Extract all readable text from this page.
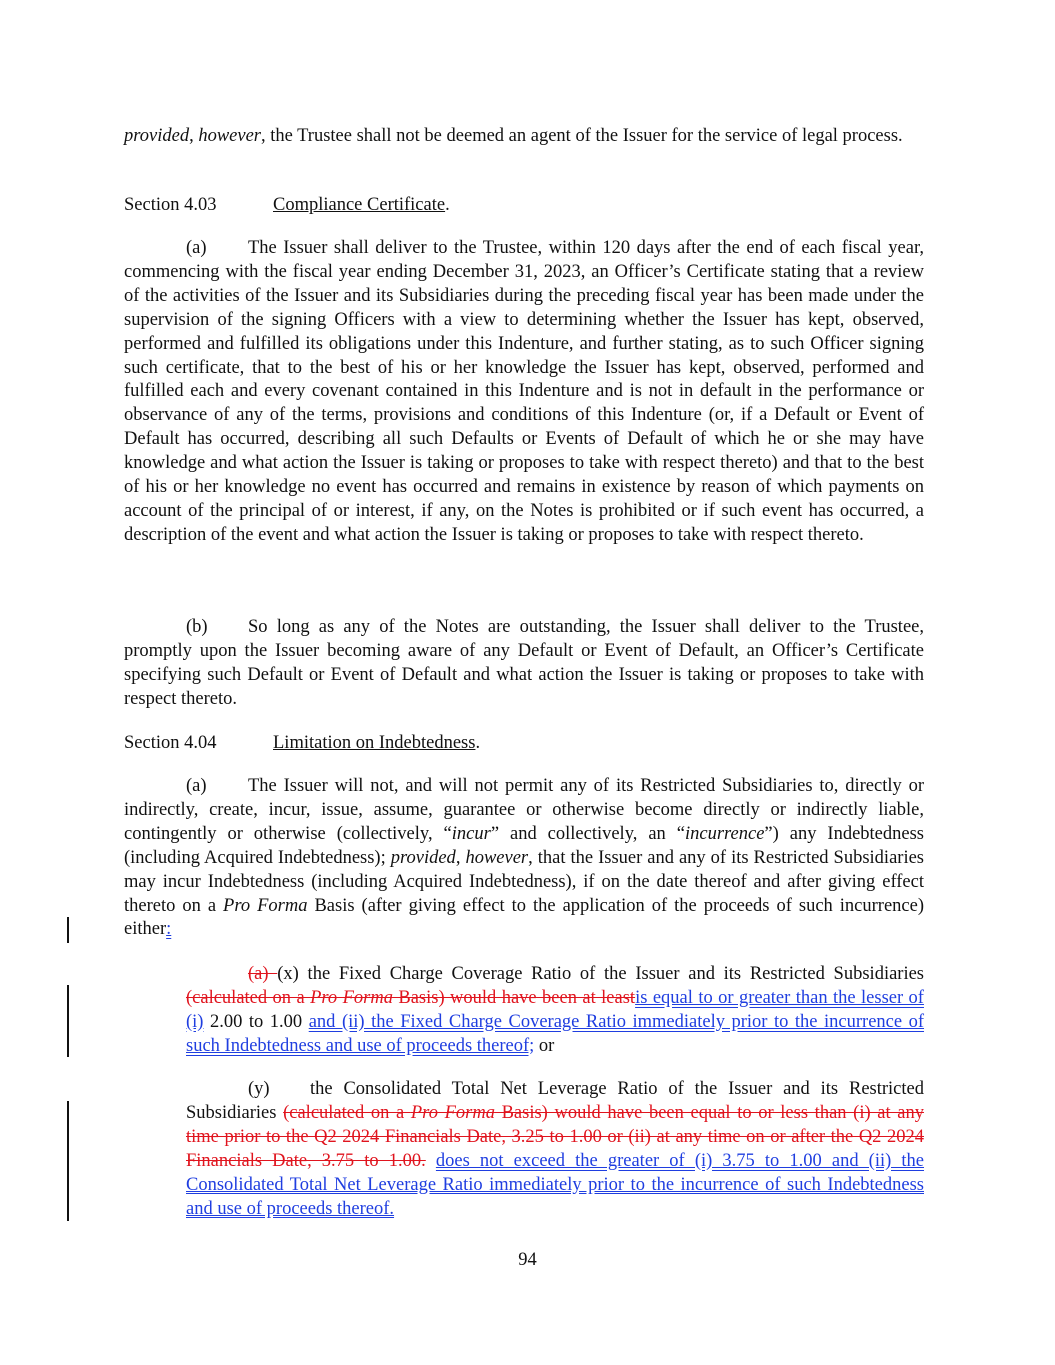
provided, however, the Trustee shall not be deemed an agent of the Issuer for the service of legal process.

Section 4.03	Compliance Certificate.

(a) The Issuer shall deliver to the Trustee, within 120 days after the end of each fiscal year, commencing with the fiscal year ending December 31, 2023, an Officer’s Certificate stating that a review of the activities of the Issuer and its Subsidiaries during the preceding fiscal year has been made under the supervision of the signing Officers with a view to determining whether the Issuer has kept, observed, performed and fulfilled its obligations under this Indenture, and further stating, as to such Officer signing such certificate, that to the best of his or her knowledge the Issuer has kept, observed, performed and fulfilled each and every covenant contained in this Indenture and is not in default in the performance or observance of any of the terms, provisions and conditions of this Indenture (or, if a Default or Event of Default has occurred, describing all such Defaults or Events of Default of which he or she may have knowledge and what action the Issuer is taking or proposes to take with respect thereto) and that to the best of his or her knowledge no event has occurred and remains in existence by reason of which payments on account of the principal of or interest, if any, on the Notes is prohibited or if such event has occurred, a description of the event and what action the Issuer is taking or proposes to take with respect thereto.

(b) So long as any of the Notes are outstanding, the Issuer shall deliver to the Trustee, promptly upon the Issuer becoming aware of any Default or Event of Default, an Officer’s Certificate specifying such Default or Event of Default and what action the Issuer is taking or proposes to take with respect thereto.

Section 4.04	Limitation on Indebtedness.

(a) The Issuer will not, and will not permit any of its Restricted Subsidiaries to, directly or indirectly, create, incur, issue, assume, guarantee or otherwise become directly or indirectly liable, contingently or otherwise (collectively, “incur” and collectively, an “incurrence”) any Indebtedness (including Acquired Indebtedness); provided, however, that the Issuer and any of its Restricted Subsidiaries may incur Indebtedness (including Acquired Indebtedness), if on the date thereof and after giving effect thereto on a Pro Forma Basis (after giving effect to the application of the proceeds of such incurrence) either:

(a) (x) the Fixed Charge Coverage Ratio of the Issuer and its Restricted Subsidiaries (calculated on a Pro Forma Basis) would have been at leastis equal to or greater than the lesser of (i) 2.00 to 1.00 and (ii) the Fixed Charge Coverage Ratio immediately prior to the incurrence of such Indebtedness and use of proceeds thereof; or

(y) the Consolidated Total Net Leverage Ratio of the Issuer and its Restricted Subsidiaries (calculated on a Pro Forma Basis) would have been equal to or less than (i) at any time prior to the Q2 2024 Financials Date, 3.25 to 1.00 or (ii) at any time on or after the Q2 2024 Financials Date, 3.75 to 1.00. does not exceed the greater of (i) 3.75 to 1.00 and (ii) the Consolidated Total Net Leverage Ratio immediately prior to the incurrence of such Indebtedness and use of proceeds thereof.

94
